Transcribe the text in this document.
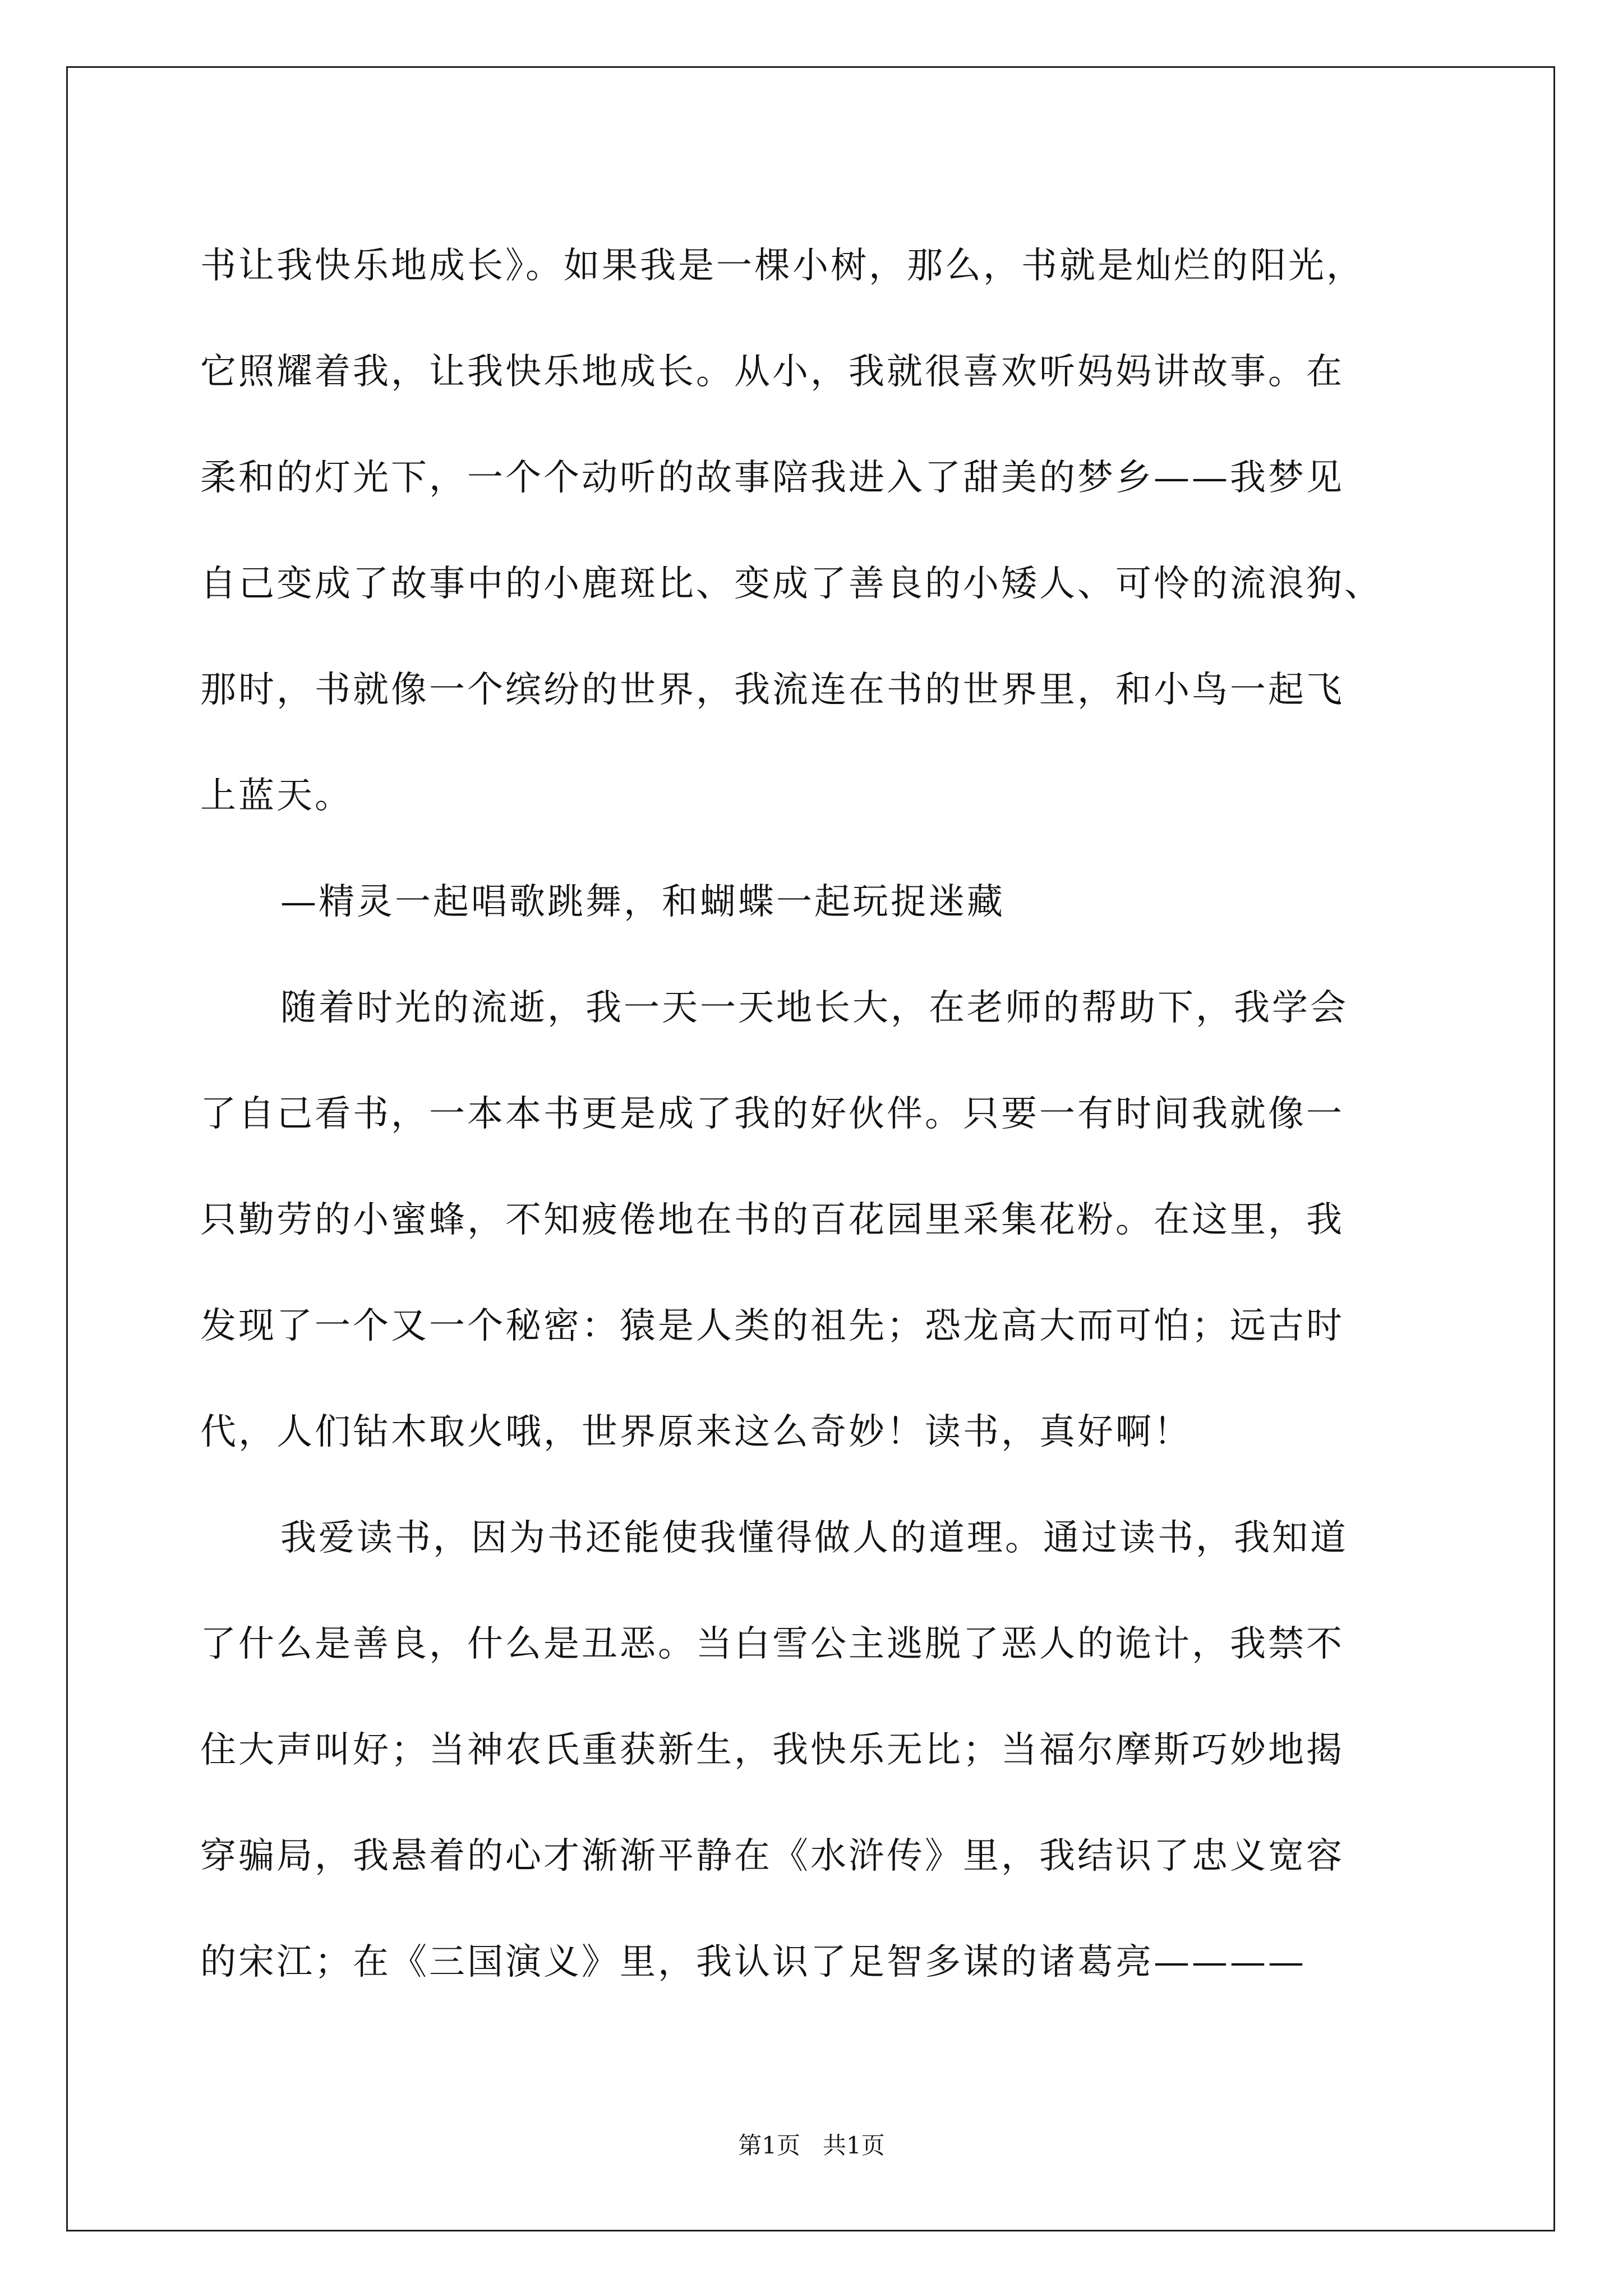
书让我快乐地成长》。如果我是一棵小树，那么，书就是灿烂的阳光，
它照耀着我，让我快乐地成长。从小，我就很喜欢听妈妈讲故事。在
柔和的灯光下，一个个动听的故事陪我进入了甜美的梦乡——我梦见
自己变成了故事中的小鹿斑比、变成了善良的小矮人、可怜的流浪狗、
那时，书就像一个缤纷的世界，我流连在书的世界里，和小鸟一起飞
上蓝天。
—精灵一起唱歌跳舞，和蝴蝶一起玩捉迷藏
随着时光的流逝，我一天一天地长大，在老师的帮助下，我学会
了自己看书，一本本书更是成了我的好伙伴。只要一有时间我就像一
只勤劳的小蜜蜂，不知疲倦地在书的百花园里采集花粉。在这里，我
发现了一个又一个秘密：猿是人类的祖先；恐龙高大而可怕；远古时
代，人们钻木取火哦，世界原来这么奇妙！读书，真好啊！
我爱读书，因为书还能使我懂得做人的道理。通过读书，我知道
了什么是善良，什么是丑恶。当白雪公主逃脱了恶人的诡计，我禁不
住大声叫好；当神农氏重获新生，我快乐无比；当福尔摩斯巧妙地揭
穿骗局，我悬着的心才渐渐平静在《水浒传》里，我结识了忠义宽容
的宋江；在《三国演义》里，我认识了足智多谋的诸葛亮————
第1页   共1页
